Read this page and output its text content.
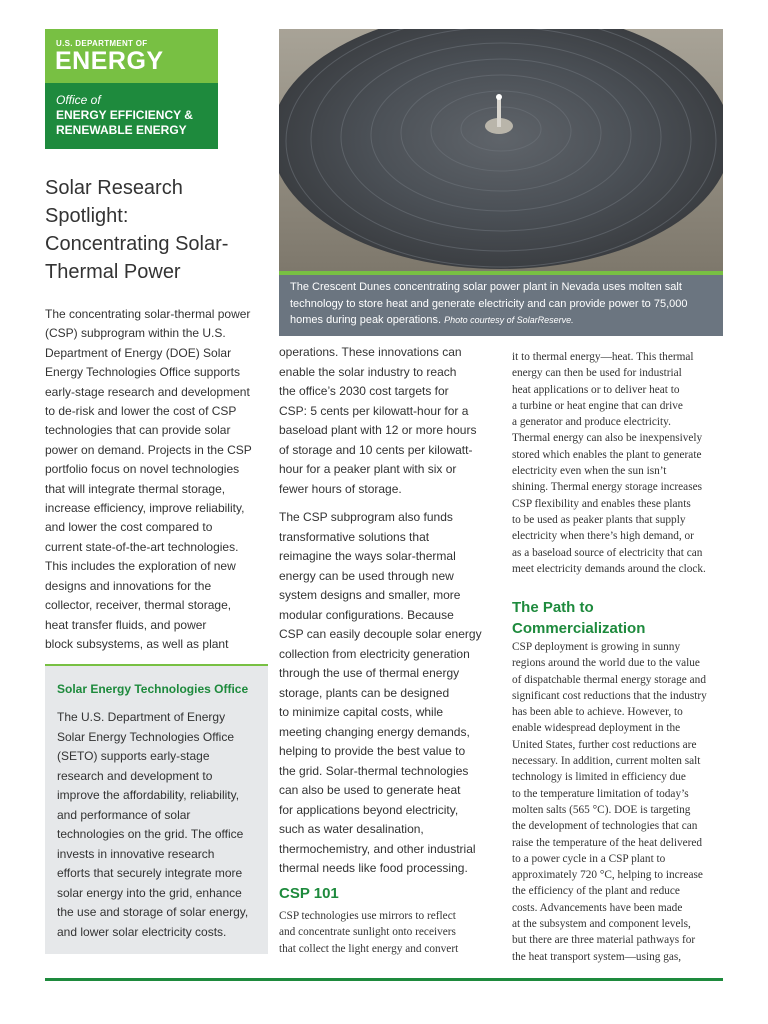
U.S. DEPARTMENT OF
ENERGY
Office of
ENERGY EFFICIENCY &
RENEWABLE ENERGY
Solar Research
Spotlight:
Concentrating Solar-
Thermal Power
The Crescent Dunes concentrating solar power plant in Nevada uses molten salt
technology to store heat and generate electricity and can provide power to 75,000
homes during peak operations. Photo courtesy of SolarReserve.

The concentrating solar-thermal power
(CSP) subprogram within the U.S.
Department of Energy (DOE) Solar
Energy Technologies Office supports
early-stage research and development
to de-risk and lower the cost of CSP
technologies that can provide solar
power on demand. Projects in the CSP
portfolio focus on novel technologies
that will integrate thermal storage,
increase efficiency, improve reliability,
and lower the cost compared to
current state-of-the-art technologies.
This includes the exploration of new
designs and innovations for the
collector, receiver, thermal storage,
heat transfer fluids, and power
block subsystems, as well as plant

Solar Energy Technologies Office

The U.S. Department of Energy
Solar Energy Technologies Office
(SETO) supports early-stage
research and development to
improve the affordability, reliability,
and performance of solar
technologies on the grid. The office
invests in innovative research
efforts that securely integrate more
solar energy into the grid, enhance
the use and storage of solar energy,
and lower solar electricity costs.

operations. These innovations can
enable the solar industry to reach
the office’s 2030 cost targets for
CSP: 5 cents per kilowatt-hour for a
baseload plant with 12 or more hours
of storage and 10 cents per kilowatt-
hour for a peaker plant with six or
fewer hours of storage.

The CSP subprogram also funds
transformative solutions that
reimagine the ways solar-thermal
energy can be used through new
system designs and smaller, more
modular configurations. Because
CSP can easily decouple solar energy
collection from electricity generation
through the use of thermal energy
storage, plants can be designed
to minimize capital costs, while
meeting changing energy demands,
helping to provide the best value to
the grid. Solar-thermal technologies
can also be used to generate heat
for applications beyond electricity,
such as water desalination,
thermochemistry, and other industrial
thermal needs like food processing.

CSP 101

CSP technologies use mirrors to reflect
and concentrate sunlight onto receivers
that collect the light energy and convert

it to thermal energy—heat. This thermal
energy can then be used for industrial
heat applications or to deliver heat to
a turbine or heat engine that can drive
a generator and produce electricity.
Thermal energy can also be inexpensively
stored which enables the plant to generate
electricity even when the sun isn’t
shining. Thermal energy storage increases
CSP flexibility and enables these plants
to be used as peaker plants that supply
electricity when there’s high demand, or
as a baseload source of electricity that can
meet electricity demands around the clock.

The Path to
Commercialization

CSP deployment is growing in sunny
regions around the world due to the value
of dispatchable thermal energy storage and
significant cost reductions that the industry
has been able to achieve. However, to
enable widespread deployment in the
United States, further cost reductions are
necessary. In addition, current molten salt
technology is limited in efficiency due
to the temperature limitation of today’s
molten salts (565 °C). DOE is targeting
the development of technologies that can
raise the temperature of the heat delivered
to a power cycle in a CSP plant to
approximately 720 °C, helping to increase
the efficiency of the plant and reduce
costs. Advancements have been made
at the subsystem and component levels,
but there are three material pathways for
the heat transport system—using gas,
